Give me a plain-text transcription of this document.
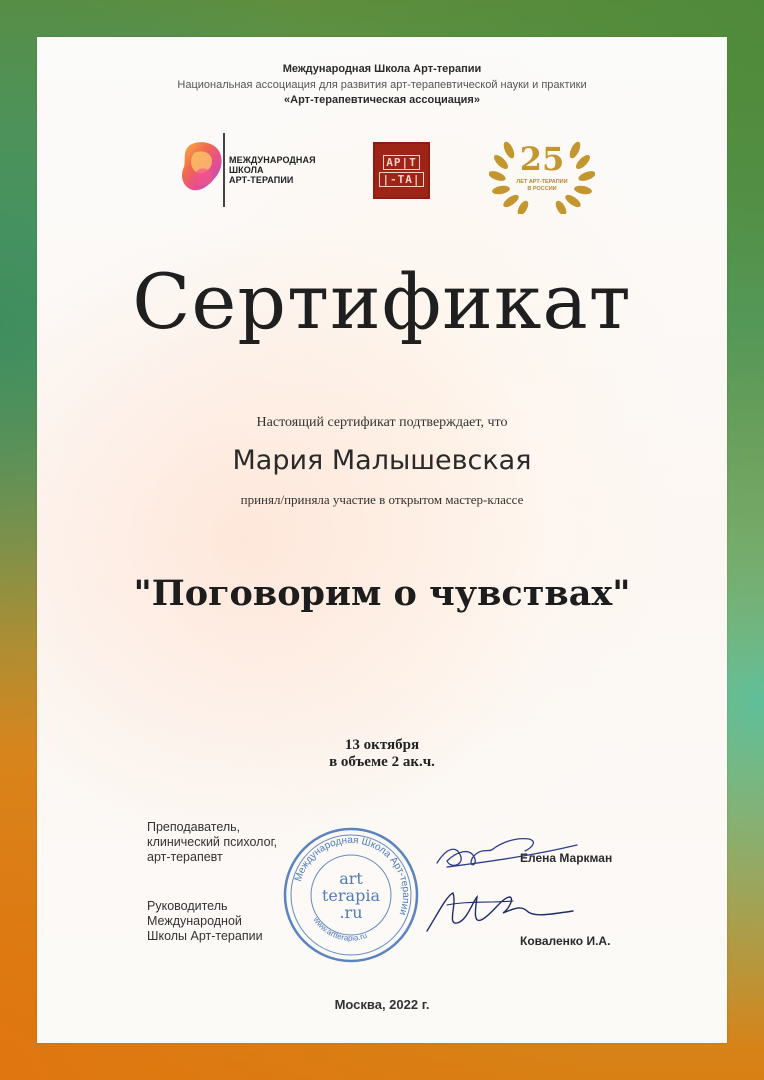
Международная Школа Арт-терапии
Национальная ассоциация для развития арт-терапевтической науки и практики
«Арт-терапевтическая ассоциация»
МЕЖДУНАРОДНАЯ
ШКОЛА
АРТ-ТЕРАПИИ
АР|Т
|-ТА|
25
ЛЕТ АРТ-ТЕРАПИИ
В РОССИИ
Сертификат
Настоящий сертификат подтверждает, что
Мария Малышевская
принял/приняла участие в открытом мастер-классе
"Поговорим о чувствах"
13 октября
в объеме 2 ак.ч.
Преподаватель,
клинический психолог,
арт-терапевт
Руководитель
Международной
Школы Арт-терапии
Международная Школа Арт-терапии
www.artterapia.ru
art
terapia
.ru
Елена Маркман
Коваленко И.А.
Москва, 2022 г.
